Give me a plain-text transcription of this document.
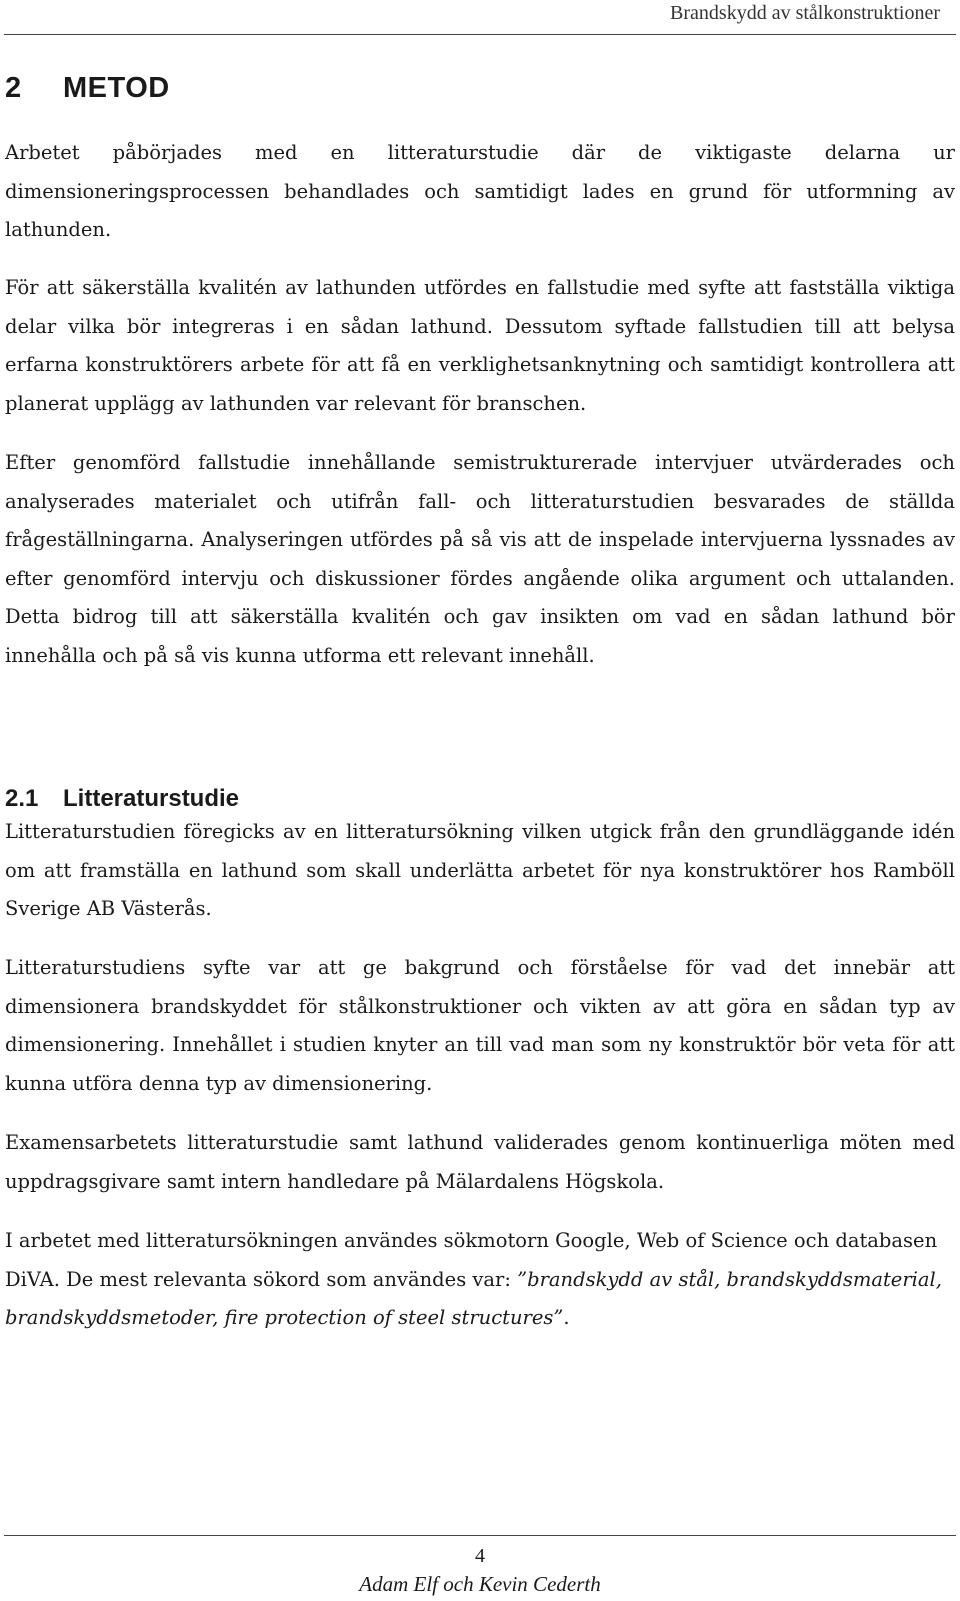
Brandskydd av stålkonstruktioner
2 METOD

Arbetet påbörjades med en litteraturstudie där de viktigaste delarna ur dimensioneringsprocessen behandlades och samtidigt lades en grund för utformning av lathunden.

För att säkerställa kvalitén av lathunden utfördes en fallstudie med syfte att fastställa viktiga delar vilka bör integreras i en sådan lathund. Dessutom syftade fallstudien till att belysa erfarna konstruktörers arbete för att få en verklighetsanknytning och samtidigt kontrollera att planerat upplägg av lathunden var relevant för branschen.

Efter genomförd fallstudie innehållande semistrukturerade intervjuer utvärderades och analyserades materialet och utifrån fall- och litteraturstudien besvarades de ställda frågeställningarna. Analyseringen utfördes på så vis att de inspelade intervjuerna lyssnades av efter genomförd intervju och diskussioner fördes angående olika argument och uttalanden. Detta bidrog till att säkerställa kvalitén och gav insikten om vad en sådan lathund bör innehålla och på så vis kunna utforma ett relevant innehåll.

2.1 Litteraturstudie

Litteraturstudien föregicks av en litteratursökning vilken utgick från den grundläggande idén om att framställa en lathund som skall underlätta arbetet för nya konstruktörer hos Ramböll Sverige AB Västerås.

Litteraturstudiens syfte var att ge bakgrund och förståelse för vad det innebär att dimensionera brandskyddet för stålkonstruktioner och vikten av att göra en sådan typ av dimensionering. Innehållet i studien knyter an till vad man som ny konstruktör bör veta för att kunna utföra denna typ av dimensionering.

Examensarbetets litteraturstudie samt lathund validerades genom kontinuerliga möten med uppdragsgivare samt intern handledare på Mälardalens Högskola.

I arbetet med litteratursökningen användes sökmotorn Google, Web of Science och databasen DiVA. De mest relevanta sökord som användes var: ”brandskydd av stål, brandskyddsmaterial, brandskyddsmetoder, fire protection of steel structures”.

4
Adam Elf och Kevin Cederth
